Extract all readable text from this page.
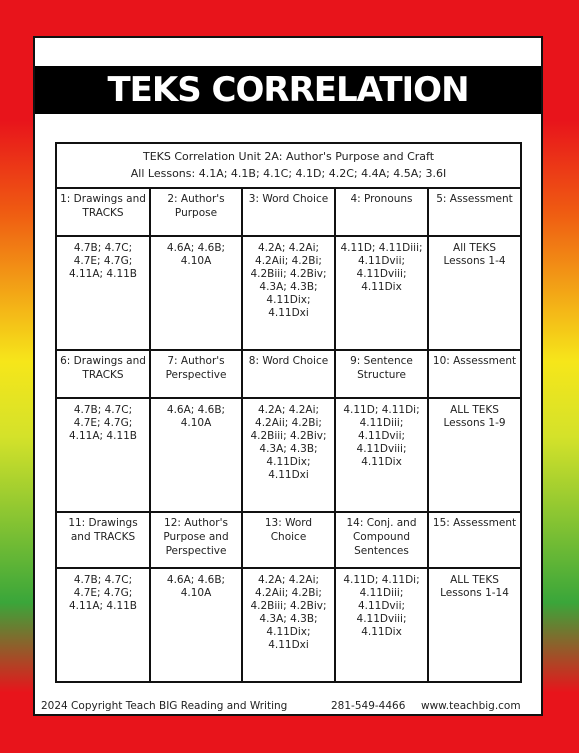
TEKS CORRELATION
TEKS Correlation Unit 2A: Author's Purpose and Craft
All Lessons: 4.1A; 4.1B; 4.1C; 4.1D; 4.2C; 4.4A; 4.5A; 3.6I				

1: Drawings and TRACKS	2: Author's Purpose	3: Word Choice	4: Pronouns	5: Assessment
4.7B; 4.7C; 4.7E; 4.7G; 4.11A; 4.11B	4.6A; 4.6B; 4.10A	4.2A; 4.2Ai; 4.2Aii; 4.2Bi; 4.2Biii; 4.2Biv; 4.3A; 4.3B; 4.11Dix; 4.11Dxi	4.11D; 4.11Diii; 4.11Dvii; 4.11Dviii; 4.11Dix	All TEKS Lessons 1-4
6: Drawings and TRACKS	7: Author's Perspective	8: Word Choice	9: Sentence Structure	10: Assessment
4.7B; 4.7C; 4.7E; 4.7G; 4.11A; 4.11B	4.6A; 4.6B; 4.10A	4.2A; 4.2Ai; 4.2Aii; 4.2Bi; 4.2Biii; 4.2Biv; 4.3A; 4.3B; 4.11Dix; 4.11Dxi	4.11D; 4.11Di; 4.11Diii; 4.11Dvii; 4.11Dviii; 4.11Dix	ALL TEKS Lessons 1-9
11: Drawings and TRACKS	12: Author's Purpose and Perspective	13: Word Choice	14: Conj. and Compound Sentences	15: Assessment
4.7B; 4.7C; 4.7E; 4.7G; 4.11A; 4.11B	4.6A; 4.6B; 4.10A	4.2A; 4.2Ai; 4.2Aii; 4.2Bi; 4.2Biii; 4.2Biv; 4.3A; 4.3B; 4.11Dix; 4.11Dxi	4.11D; 4.11Di; 4.11Diii; 4.11Dvii; 4.11Dviii; 4.11Dix	ALL TEKS Lessons 1-14
2024 Copyright Teach BIG Reading and Writing	281-549-4466 www.teachbig.com
